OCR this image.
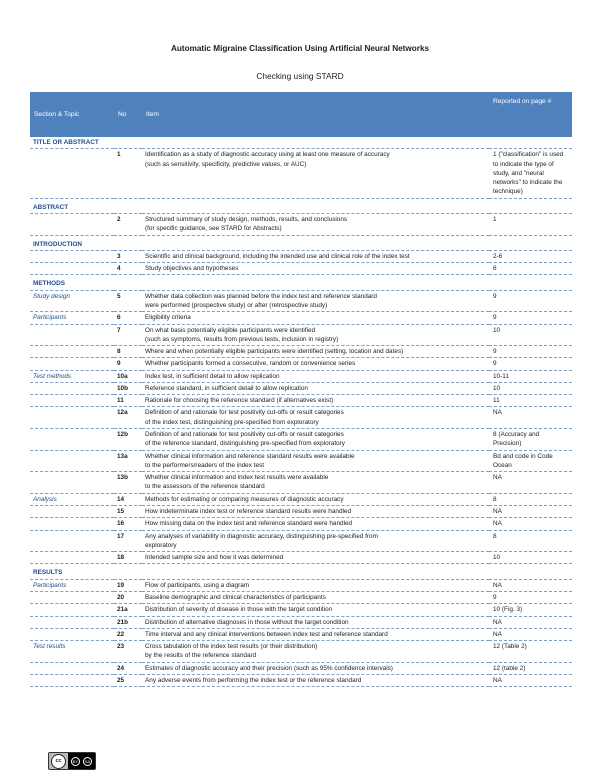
Automatic Migraine Classification Using Artificial Neural Networks
Checking using STARD
Section & Topic	No	Item	Reported on page #
TITLE OR ABSTRACT			
	1	Identification as a study of diagnostic accuracy using at least one measure of accuracy
(such as sensitivity, specificity, predictive values, or AUC)	1 ("classification" is used to indicate the type of study, and "neural networks" to indicate the technique)

ABSTRACT			
	2	Structured summary of study design, methods, results, and conclusions
(for specific guidance, see STARD for Abstracts)	1

INTRODUCTION			
	3	Scientific and clinical background, including the intended use and clinical role of the index test	2-6
	4	Study objectives and hypotheses	6

METHODS			
Study design	5	Whether data collection was planned before the index test and reference standard
were performed (prospective study) or after (retrospective study)	9
Participants	6	Eligibility criteria	9
	7	On what basis potentially eligible participants were identified
(such as symptoms, results from previous tests, inclusion in registry)	10
	8	Where and when potentially eligible participants were identified (setting, location and dates)	9
	9	Whether participants formed a consecutive, random or convenience series	9
Test methods	10a	Index test, in sufficient detail to allow replication	10-11
	10b	Reference standard, in sufficient detail to allow replication	10
	11	Rationale for choosing the reference standard (if alternatives exist)	11
	12a	Definition of and rationale for test positivity cut-offs or result categories
of the index test, distinguishing pre-specified from exploratory	NA
	12b	Definition of and rationale for test positivity cut-offs or result categories
of the reference standard, distinguishing pre-specified from exploratory	8 (Accuracy and Precision)
	13a	Whether clinical information and reference standard results were available
to the performers/readers of the index test	Bd and code in Code Ocean
	13b	Whether clinical information and index test results were available
to the assessors of the reference standard	NA
Analysis	14	Methods for estimating or comparing measures of diagnostic accuracy	8
	15	How indeterminate index test or reference standard results were handled	NA
	16	How missing data on the index test and reference standard were handled	NA
	17	Any analyses of variability in diagnostic accuracy, distinguishing pre-specified from
exploratory	8
	18	Intended sample size and how it was determined	10

RESULTS			
Participants	19	Flow of participants, using a diagram	NA
	20	Baseline demographic and clinical characteristics of participants	9
	21a	Distribution of severity of disease in those with the target condition	10 (Fig. 3)
	21b	Distribution of alternative diagnoses in those without the target condition	NA
	22	Time interval and any clinical interventions between index test and reference standard	NA
Test results	23	Cross tabulation of the index test results (or their distribution)
by the results of the reference standard	12 (Table 2)
	24	Estimates of diagnostic accuracy and their precision (such as 95% confidence intervals)	12 (table 2)
	25	Any adverse events from performing the index test or the reference standard	NA
cc	BY	SA
